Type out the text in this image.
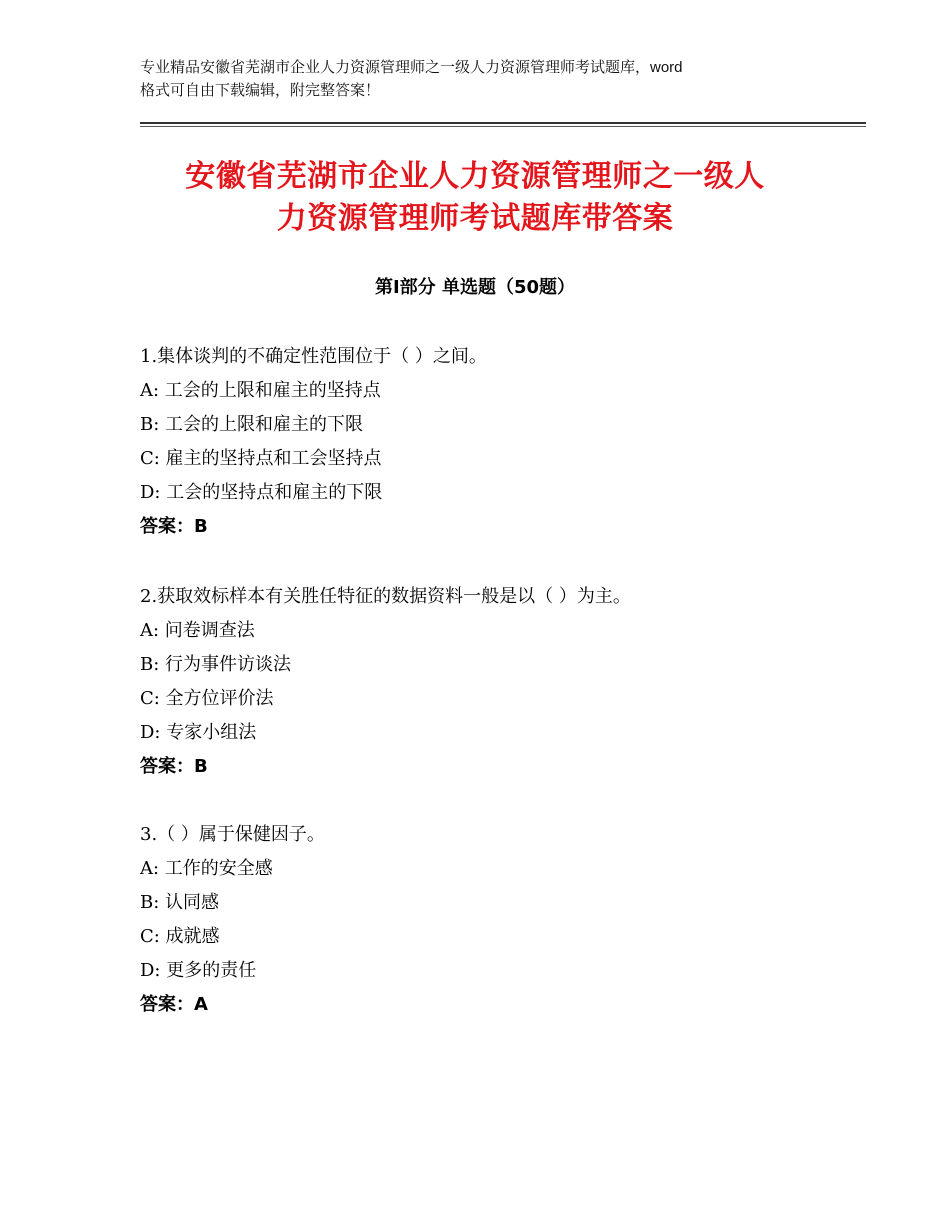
专业精品安徽省芜湖市企业人力资源管理师之一级人力资源管理师考试题库，word
格式可自由下载编辑，附完整答案！
安徽省芜湖市企业人力资源管理师之一级人
力资源管理师考试题库带答案
第Ⅰ部分 单选题（50题）
1.集体谈判的不确定性范围位于（ ）之间。
A: 工会的上限和雇主的坚持点
B: 工会的上限和雇主的下限
C: 雇主的坚持点和工会坚持点
D: 工会的坚持点和雇主的下限
答案：B
2.获取效标样本有关胜任特征的数据资料一般是以（ ）为主。
A: 问卷调查法
B: 行为事件访谈法
C: 全方位评价法
D: 专家小组法
答案：B
3.（ ）属于保健因子。
A: 工作的安全感
B: 认同感
C: 成就感
D: 更多的责任
答案：A
